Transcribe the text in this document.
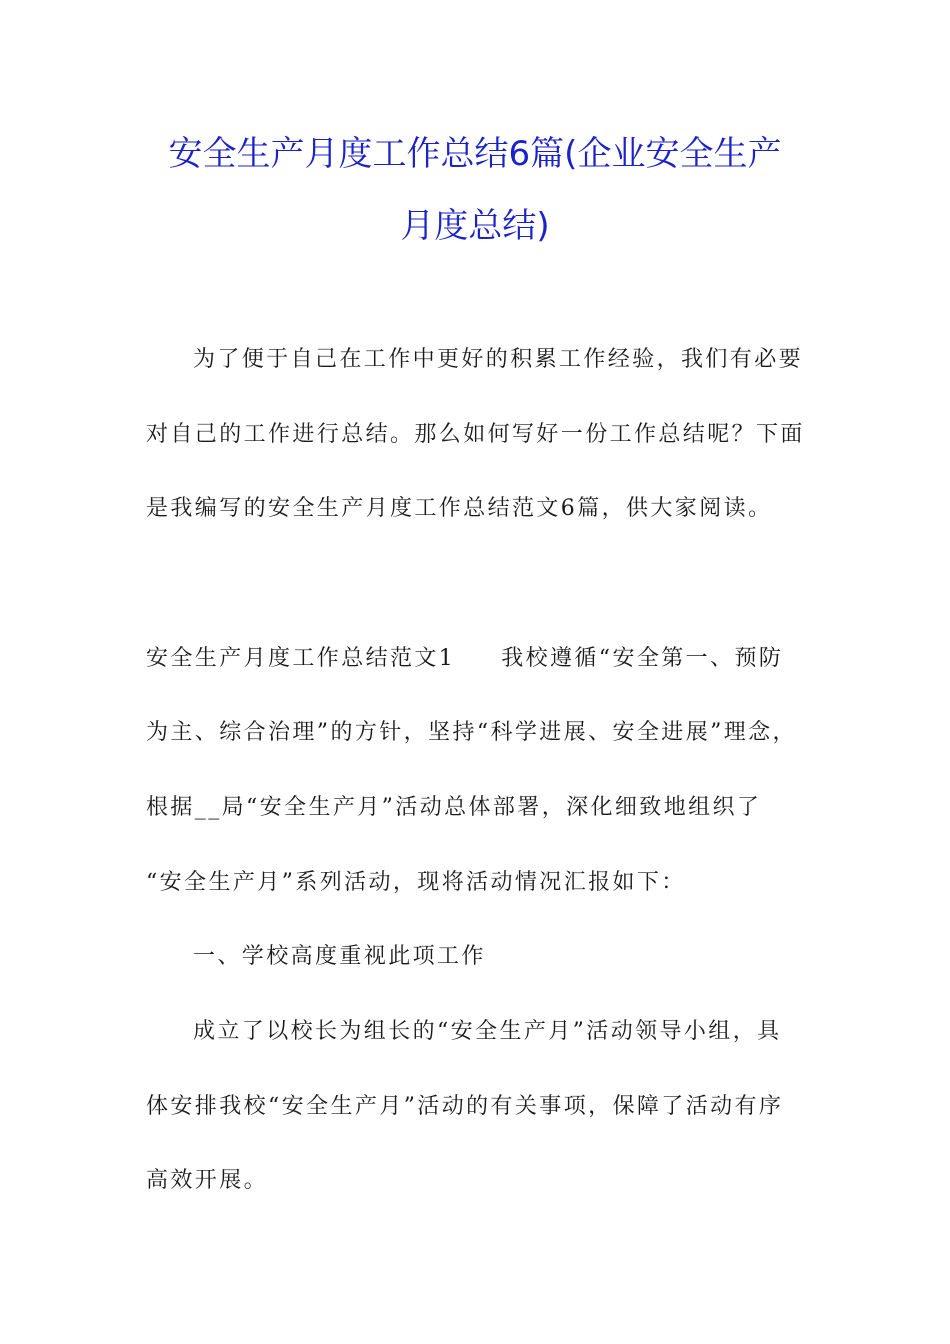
安全生产月度工作总结6篇(企业安全生产
月度总结)

为了便于自己在工作中更好的积累工作经验，我们有必要

对自己的工作进行总结。那么如何写好一份工作总结呢？下面

是我编写的安全生产月度工作总结范文6篇，供大家阅读。

安全生产月度工作总结范文1 我校遵循“安全第一、预防

为主、综合治理”的方针，坚持“科学进展、安全进展”理念，

根据__局“安全生产月”活动总体部署，深化细致地组织了

“安全生产月”系列活动，现将活动情况汇报如下：

一、学校高度重视此项工作

成立了以校长为组长的“安全生产月”活动领导小组，具

体安排我校“安全生产月”活动的有关事项，保障了活动有序

高效开展。
